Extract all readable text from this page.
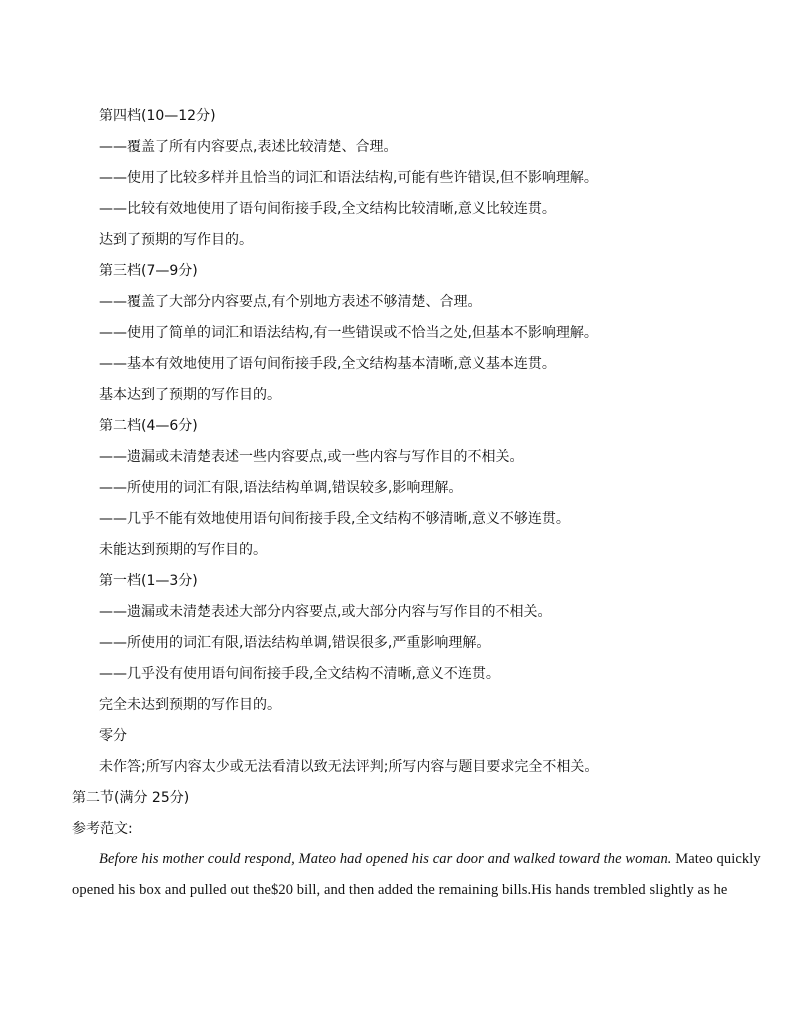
第四档(10—12分)
——覆盖了所有内容要点,表述比较清楚、合理。
——使用了比较多样并且恰当的词汇和语法结构,可能有些许错误,但不影响理解。
——比较有效地使用了语句间衔接手段,全文结构比较清晰,意义比较连贯。
达到了预期的写作目的。
第三档(7—9分)
——覆盖了大部分内容要点,有个别地方表述不够清楚、合理。
——使用了简单的词汇和语法结构,有一些错误或不恰当之处,但基本不影响理解。
——基本有效地使用了语句间衔接手段,全文结构基本清晰,意义基本连贯。
基本达到了预期的写作目的。
第二档(4—6分)
——遗漏或未清楚表述一些内容要点,或一些内容与写作目的不相关。
——所使用的词汇有限,语法结构单调,错误较多,影响理解。
——几乎不能有效地使用语句间衔接手段,全文结构不够清晰,意义不够连贯。
未能达到预期的写作目的。
第一档(1—3分)
——遗漏或未清楚表述大部分内容要点,或大部分内容与写作目的不相关。
——所使用的词汇有限,语法结构单调,错误很多,严重影响理解。
——几乎没有使用语句间衔接手段,全文结构不清晰,意义不连贯。
完全未达到预期的写作目的。
零分
未作答;所写内容太少或无法看清以致无法评判;所写内容与题目要求完全不相关。
第二节(满分 25分)
参考范文:
Before his mother could respond, Mateo had opened his car door and walked toward the woman. Mateo quickly
opened his box and pulled out the$20 bill, and then added the remaining bills.His hands trembled slightly as he
